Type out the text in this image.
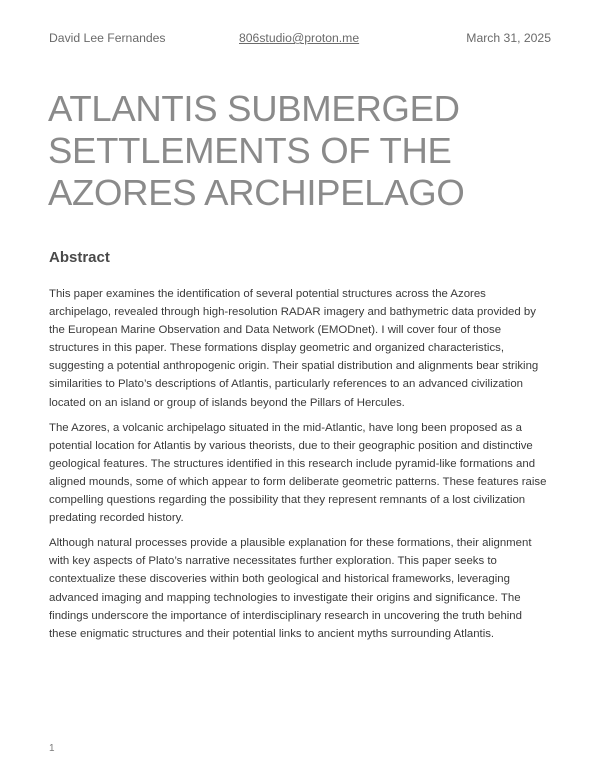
David Lee Fernandes	806studio@proton.me	March 31, 2025
ATLANTIS SUBMERGED SETTLEMENTS OF THE AZORES ARCHIPELAGO
Abstract

This paper examines the identification of several potential structures across the Azores archipelago, revealed through high-resolution RADAR imagery and bathymetric data provided by the European Marine Observation and Data Network (EMODnet). I will cover four of those structures in this paper. These formations display geometric and organized characteristics, suggesting a potential anthropogenic origin. Their spatial distribution and alignments bear striking similarities to Plato’s descriptions of Atlantis, particularly references to an advanced civilization located on an island or group of islands beyond the Pillars of Hercules.

The Azores, a volcanic archipelago situated in the mid-Atlantic, have long been proposed as a potential location for Atlantis by various theorists, due to their geographic position and distinctive geological features. The structures identified in this research include pyramid-like formations and aligned mounds, some of which appear to form deliberate geometric patterns. These features raise compelling questions regarding the possibility that they represent remnants of a lost civilization predating recorded history.

Although natural processes provide a plausible explanation for these formations, their alignment with key aspects of Plato’s narrative necessitates further exploration. This paper seeks to contextualize these discoveries within both geological and historical frameworks, leveraging advanced imaging and mapping technologies to investigate their origins and significance. The findings underscore the importance of interdisciplinary research in uncovering the truth behind these enigmatic structures and their potential links to ancient myths surrounding Atlantis.

1
